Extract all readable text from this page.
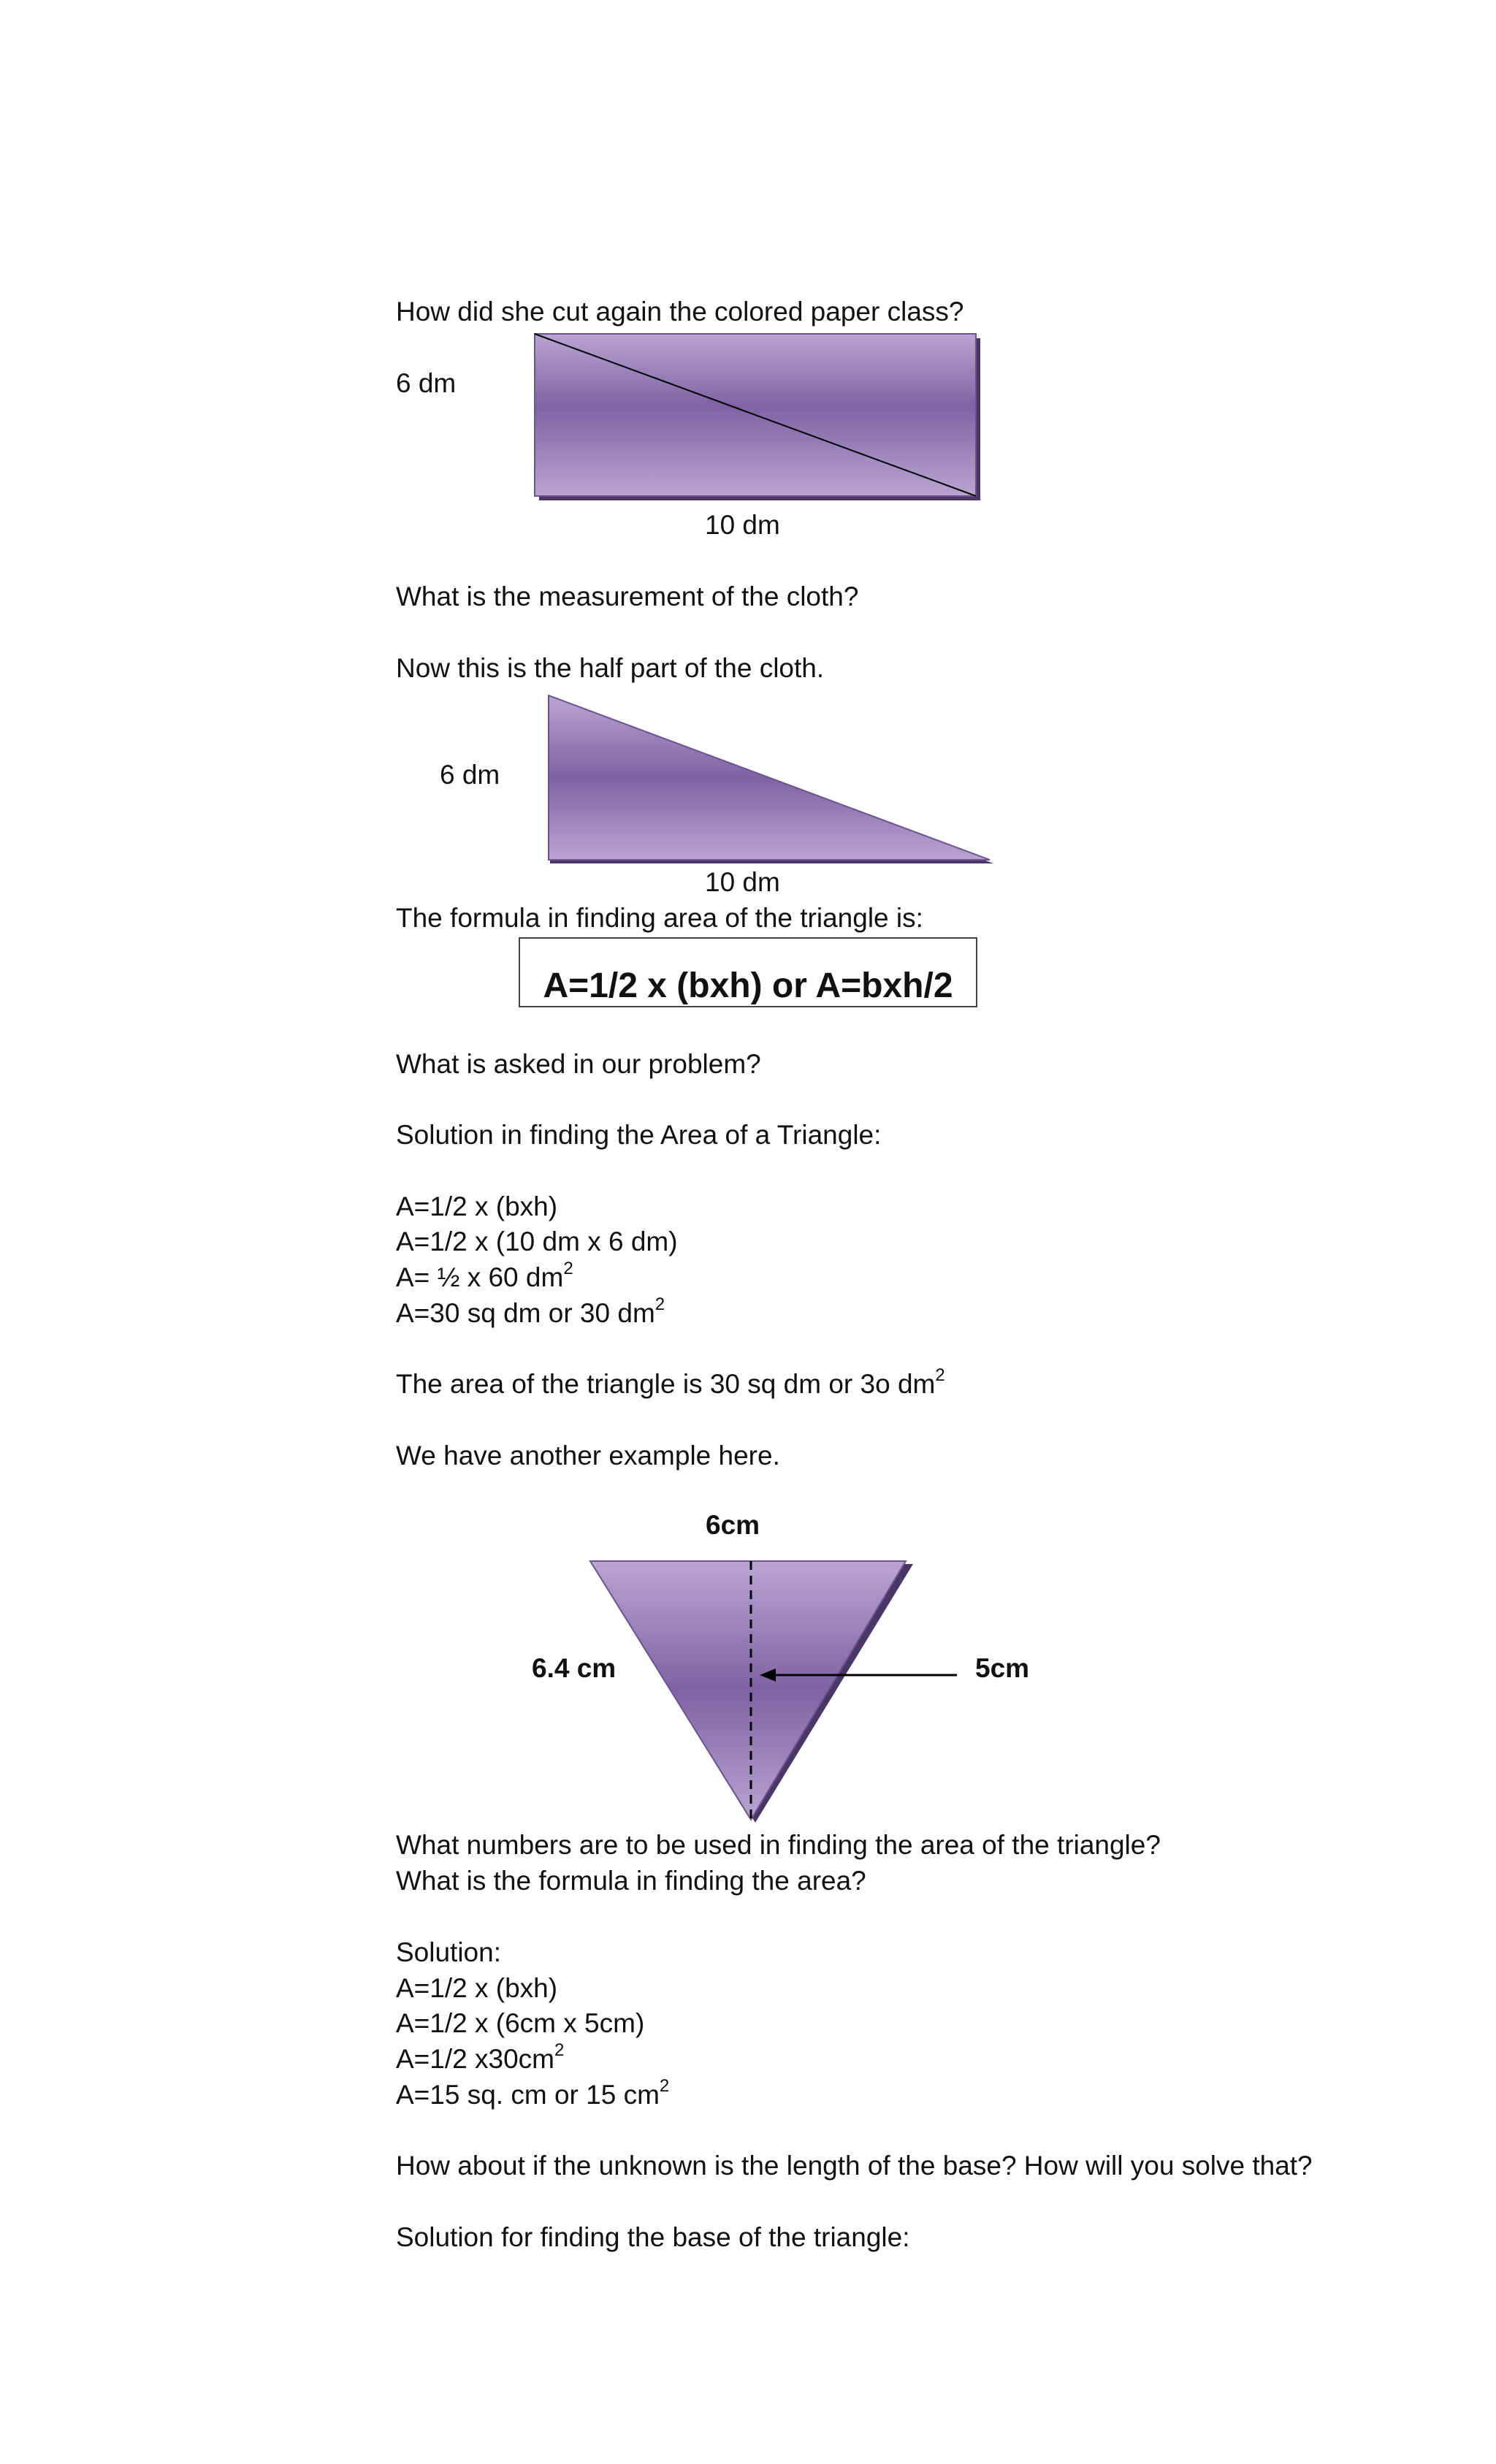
How did she cut again the colored paper class?

6 dm
10 dm

What is the measurement of the cloth?

Now this is the half part of the cloth.

6 dm
10 dm

The formula in finding area of the triangle is:

A=1/2 x (bxh) or A=bxh/2

What is asked in our problem?

Solution in finding the Area of a Triangle:

A=1/2 x (bxh)

A=1/2 x (10 dm x 6 dm)

A= ½ x 60 $dm^2$

A=30 sq dm or 30 $dm^2$

The area of the triangle is 30 sq dm or 3o $dm^2$

We have another example here.

6cm
6.4 cm	5cm

What numbers are to be used in finding the area of the triangle?

What is the formula in finding the area?

Solution:

A=1/2 x (bxh)

A=1/2 x (6cm x 5cm)

A=1/2 $x30cm^2$

A=15 sq. cm or 15 $cm^2$

How about if the unknown is the length of the base? How will you solve that?

Solution for finding the base of the triangle:
